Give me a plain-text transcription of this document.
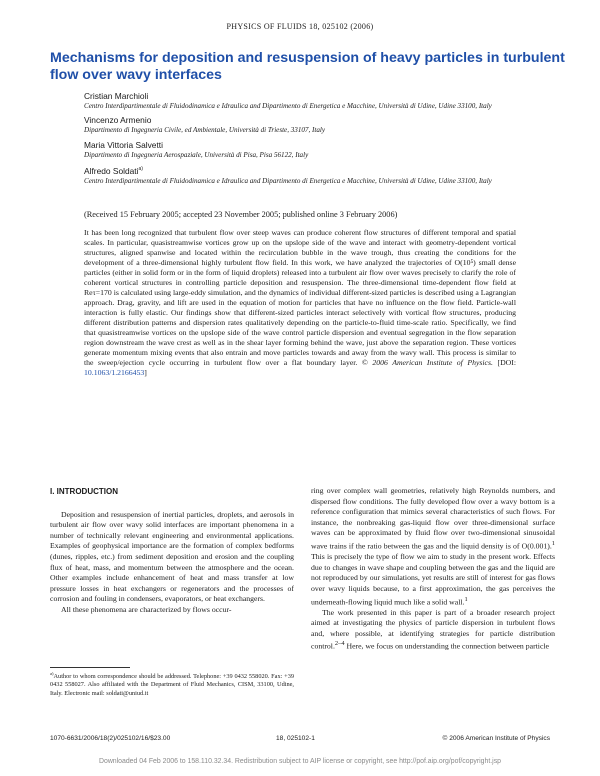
PHYSICS OF FLUIDS 18, 025102 (2006)
Mechanisms for deposition and resuspension of heavy particles in turbulent flow over wavy interfaces
Cristian Marchioli
Centro Interdipartimentale di Fluidodinamica e Idraulica and Dipartimento di Energetica e Macchine, Università di Udine, Udine 33100, Italy
Vincenzo Armenio
Dipartimento di Ingegneria Civile, ed Ambientale, Università di Trieste, 33107, Italy
Maria Vittoria Salvetti
Dipartimento di Ingegneria Aerospaziale, Università di Pisa, Pisa 56122, Italy
Alfredo Soldati$^{a)}$
Centro Interdipartimentale di Fluidodinamica e Idraulica and Dipartimento di Energetica e Macchine, Università di Udine, Udine 33100, Italy
(Received 15 February 2005; accepted 23 November 2005; published online 3 February 2006)

It has been long recognized that turbulent flow over steep waves can produce coherent flow structures of different temporal and spatial scales. In particular, quasistreamwise vortices grow up on the upslope side of the wave and interact with geometry-dependent vortical structures, aligned spanwise and located within the recirculation bubble in the wave trough, thus creating the conditions for the development of a three-dimensional highly turbulent flow field. In this work, we have analyzed the trajectories of O(10⁵) small dense particles (either in solid form or in the form of liquid droplets) released into a turbulent air flow over waves precisely to clarify the role of coherent vortical structures in controlling particle deposition and resuspension. The three-dimensional time-dependent flow field at Reτ=170 is calculated using large-eddy simulation, and the dynamics of individual different-sized particles is described using a Lagrangian approach. Drag, gravity, and lift are used in the equation of motion for particles that have no influence on the flow field. Particle-wall interaction is fully elastic. Our findings show that different-sized particles interact selectively with vortical flow structures, producing different distribution patterns and dispersion rates qualitatively depending on the particle-to-fluid time-scale ratio. Specifically, we find that quasistreamwise vortices on the upslope side of the wave control particle dispersion and eventual segregation in the flow separation region downstream the wave crest as well as in the shear layer forming behind the wave, just above the separation region. These vortices generate momentum mixing events that also entrain and move particles towards and away from the wavy wall. This process is similar to the sweep/ejection cycle occurring in turbulent flow over a flat boundary layer. © 2006 American Institute of Physics. [DOI: 10.1063/1.2166453]

I. INTRODUCTION

Deposition and resuspension of inertial particles, droplets, and aerosols in turbulent air flow over wavy solid interfaces are important phenomena in a number of technically relevant engineering and environmental applications. Examples of geophysical importance are the formation of complex bedforms (dunes, ripples, etc.) from sediment deposition and erosion and the coupling flux of heat, mass, and momentum between the atmosphere and the ocean. Other examples include enhancement of heat and mass transfer at low pressure losses in heat exchangers or regenerators and the processes of corrosion and fouling in condensers, evaporators, or heat exchangers.

All these phenomena are characterized by flows occur-

ring over complex wall geometries, relatively high Reynolds numbers, and dispersed flow conditions. The fully developed flow over a wavy bottom is a reference configuration that mimics several characteristics of such flows. For instance, the nonbreaking gas-liquid flow over three-dimensional surface waves can be approximated by fluid flow over two-dimensional sinusoidal wave trains if the ratio between the gas and the liquid density is of O(0.001).$^1$ This is precisely the type of flow we aim to study in the present work. Effects due to changes in wave shape and coupling between the gas and the liquid are not reproduced by our simulations, yet results are still of interest for gas flows over wavy liquids because, to a first approximation, the gas perceives the underneath-flowing liquid much like a solid wall.$^1$

The work presented in this paper is part of a broader research project aimed at investigating the physics of particle dispersion in turbulent flows and, where possible, at identifying strategies for particle distribution control.$^{2-4}$ Here, we focus on understanding the connection between particle

$^{a)}$Author to whom correspondence should be addressed. Telephone: +39 0432 558020. Fax: +39 0432 558027. Also affiliated with the Department of Fluid Mechanics, CISM, 33100, Udine, Italy. Electronic mail: soldati@uniud.it
1070-6631/2006/18(2)/025102/16/$23.00	18, 025102-1	© 2006 American Institute of Physics
Downloaded 04 Feb 2006 to 158.110.32.34. Redistribution subject to AIP license or copyright, see http://pof.aip.org/pof/copyright.jsp
